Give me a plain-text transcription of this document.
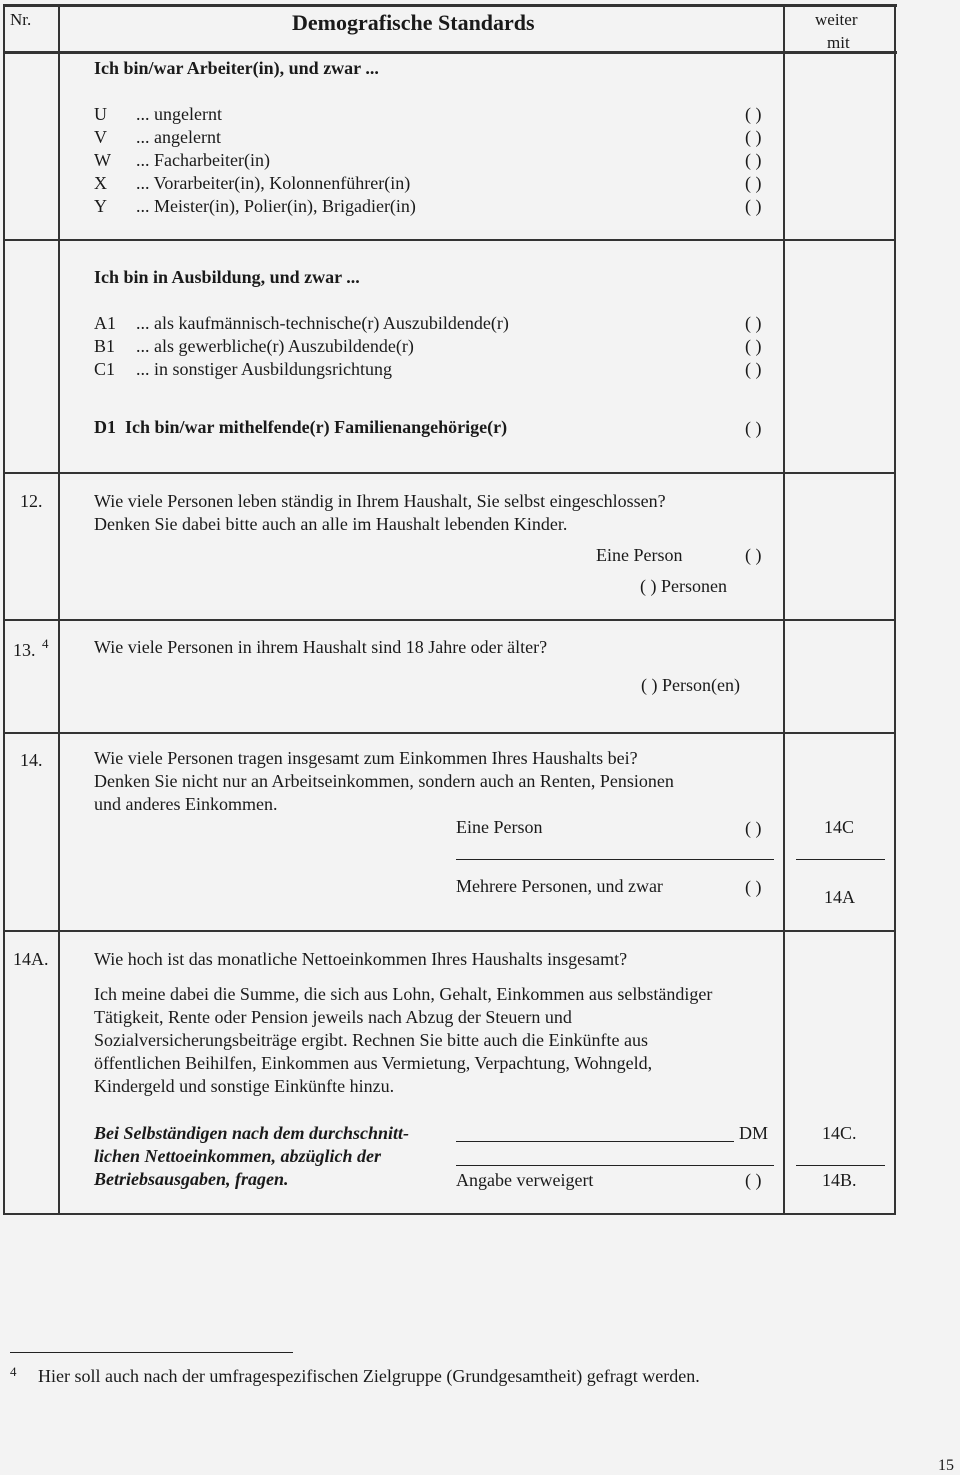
Nr.	Demografische Standards	weiter
mit
Ich bin/war Arbeiter(in), und zwar ...
U ... ungelernt	( )
V ... angelernt	( )
W ... Facharbeiter(in)	( )
X ... Vorarbeiter(in), Kolonnenführer(in)	( )
Y ... Meister(in), Polier(in), Brigadier(in)	( )
Ich bin in Ausbildung, und zwar ...
A1 ... als kaufmännisch-technische(r) Auszubildende(r)	( )
B1 ... als gewerbliche(r) Auszubildende(r)	( )
C1 ... in sonstiger Ausbildungsrichtung	( )
D1  Ich bin/war mithelfende(r) Familienangehörige(r)	( )
12.	Wie viele Personen leben ständig in Ihrem Haushalt, Sie selbst eingeschlossen?
Denken Sie dabei bitte auch an alle im Haushalt lebenden Kinder.
Eine Person	( )
( ) Personen
13. 4	Wie viele Personen in ihrem Haushalt sind 18 Jahre oder älter?
( ) Person(en)
14.	Wie viele Personen tragen insgesamt zum Einkommen Ihres Haushalts bei?
Denken Sie nicht nur an Arbeitseinkommen, sondern auch an Renten, Pensionen
und anderes Einkommen.
Eine Person	( )	14C
Mehrere Personen, und zwar	( )	14A
14A.	Wie hoch ist das monatliche Nettoeinkommen Ihres Haushalts insgesamt?
Ich meine dabei die Summe, die sich aus Lohn, Gehalt, Einkommen aus selbständiger
Tätigkeit, Rente oder Pension jeweils nach Abzug der Steuern und
Sozialversicherungsbeiträge ergibt. Rechnen Sie bitte auch die Einkünfte aus
öffentlichen Beihilfen, Einkommen aus Vermietung, Verpachtung, Wohngeld,
Kindergeld und sonstige Einkünfte hinzu.
Bei Selbständigen nach dem durchschnitt-
lichen Nettoeinkommen, abzüglich der
Betriebsausgaben, fragen.
DM	14C.
Angabe verweigert	( )	14B.
4 Hier soll auch nach der umfragespezifischen Zielgruppe (Grundgesamtheit) gefragt werden.
15
